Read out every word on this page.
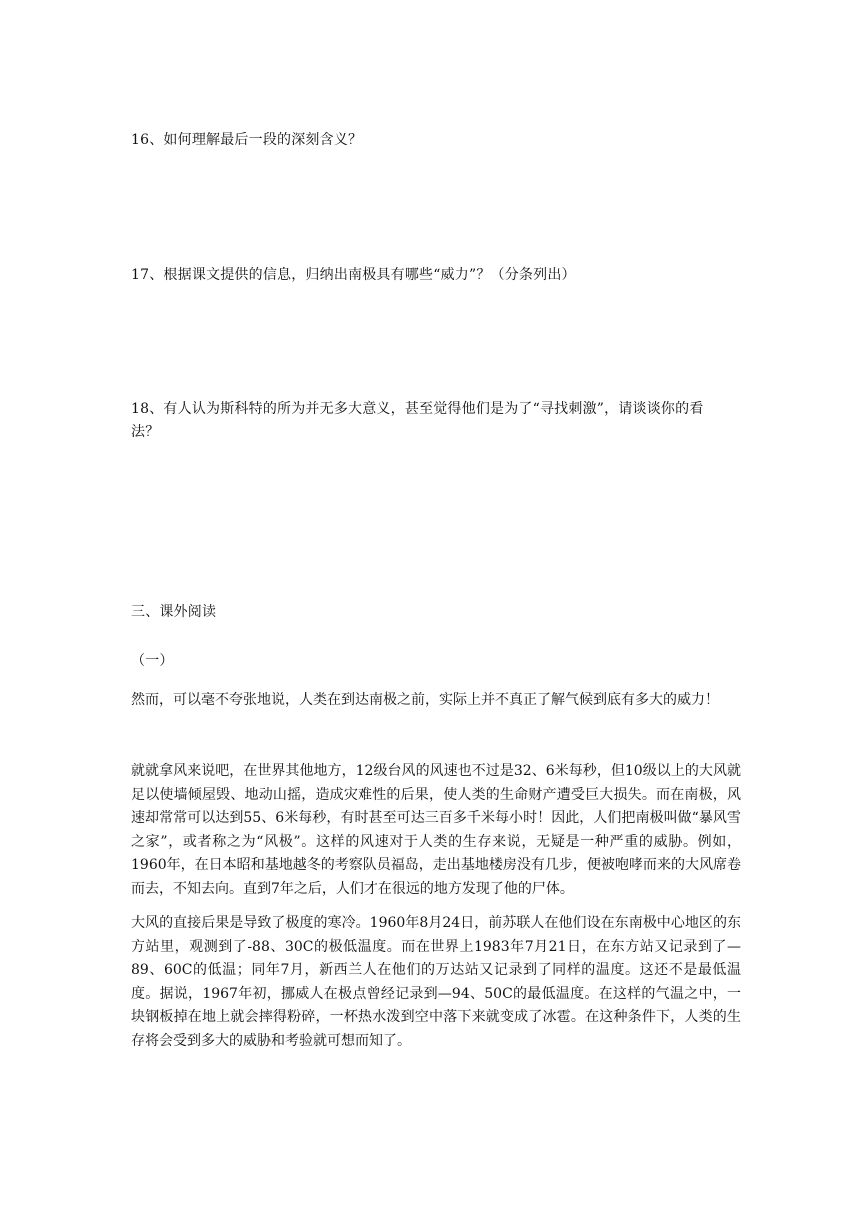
16、如何理解最后一段的深刻含义？
17、根据课文提供的信息，归纳出南极具有哪些“威力”？（分条列出）
18、有人认为斯科特的所为并无多大意义，甚至觉得他们是为了“寻找刺激”，请谈谈你的看法？
三、课外阅读
（一）
然而，可以毫不夸张地说，人类在到达南极之前，实际上并不真正了解气候到底有多大的威力！
就就拿风来说吧，在世界其他地方，12级台风的风速也不过是32、6米每秒，但10级以上的大风就足以使墙倾屋毁、地动山摇，造成灾难性的后果，使人类的生命财产遭受巨大损失。而在南极，风速却常常可以达到55、6米每秒，有时甚至可达三百多千米每小时！因此，人们把南极叫做“暴风雪之家”，或者称之为“风极”。这样的风速对于人类的生存来说，无疑是一种严重的威胁。例如，1960年，在日本昭和基地越冬的考察队员福岛，走出基地楼房没有几步，便被咆哮而来的大风席卷而去，不知去向。直到7年之后，人们才在很远的地方发现了他的尸体。
大风的直接后果是导致了极度的寒冷。1960年8月24日，前苏联人在他们设在东南极中心地区的东方站里，观测到了-88、30C的极低温度。而在世界上1983年7月21日，在东方站又记录到了—89、60C的低温；同年7月，新西兰人在他们的万达站又记录到了同样的温度。这还不是最低温度。据说，1967年初，挪威人在极点曾经记录到—94、50C的最低温度。在这样的气温之中，一块钢板掉在地上就会摔得粉碎，一杯热水泼到空中落下来就变成了冰雹。在这种条件下，人类的生存将会受到多大的威胁和考验就可想而知了。
